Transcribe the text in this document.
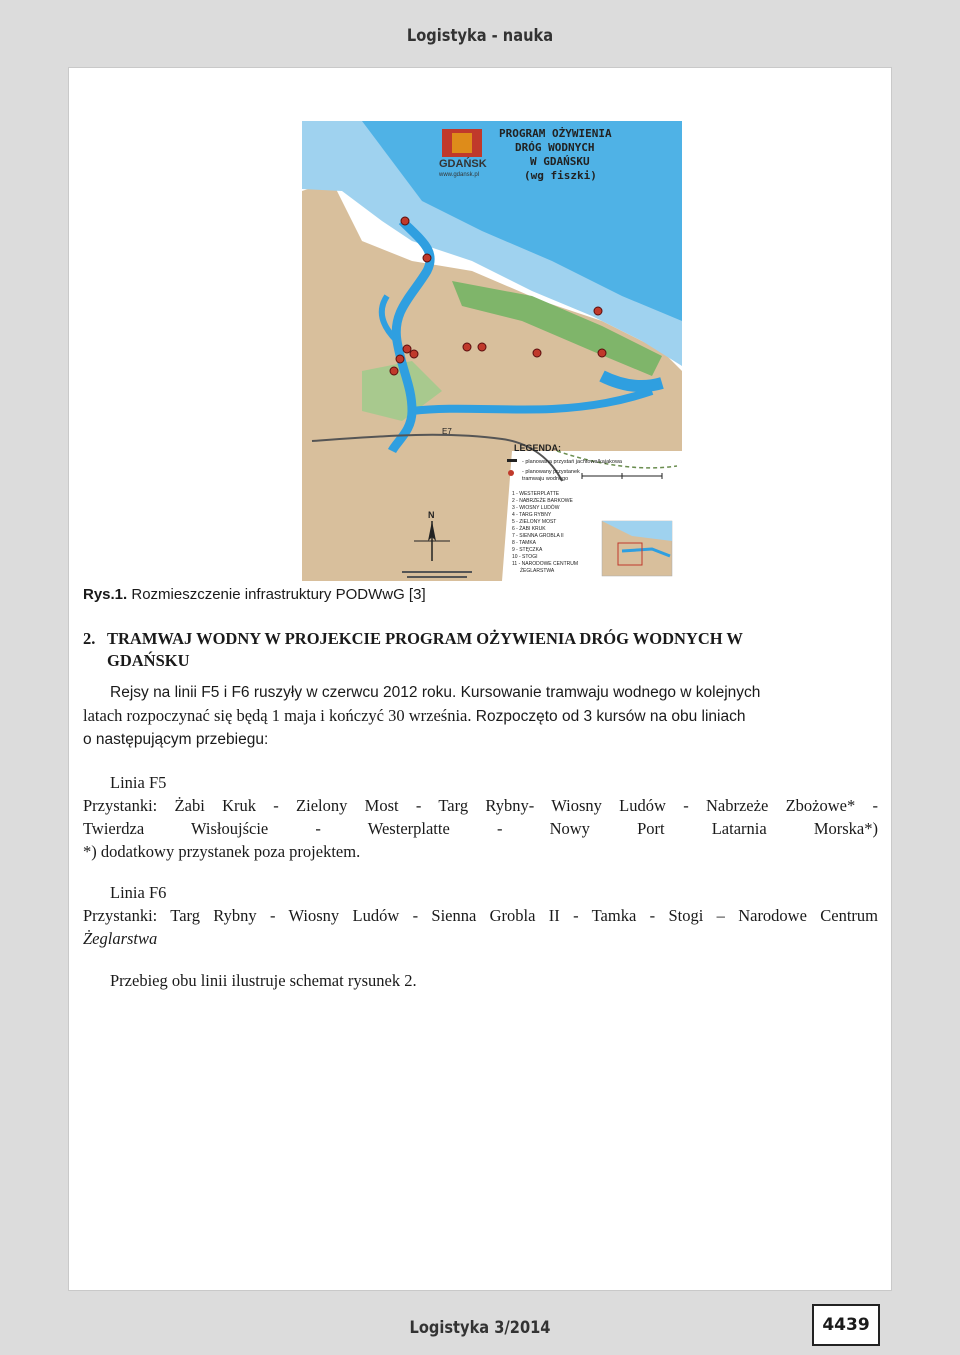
Logistyka - nauka
E7
GDAŃSK
www.gdansk.pl
PROGRAM OŻYWIENIA
DRÓG WODNYCH
W GDAŃSKU
(wg fiszki)
LEGENDA:
- planowana przystań jachtowa/kajakowa
- planowany przystanek
tramwaju wodnego
1 - WESTERPLATTE
2 - NABRZEŻE BARKOWE
3 - WIOSNY LUDÓW
4 - TARG RYBNY
5 - ZIELONY MOST
6 - ŻABI KRUK
7 - SIENNA GROBLA II
8 - TAMKA
9 - STĘCZKA
10 - STOGI
11 - NARODOWE CENTRUM
ŻEGLARSTWA
N
Rys.1. Rozmieszczenie infrastruktury PODWwG [3]
2. TRAMWAJ WODNY W PROJEKCIE PROGRAM OŻYWIENIA DRÓG WODNYCH W
GDAŃSKU
Rejsy na linii F5 i F6 ruszyły w czerwcu 2012 roku. Kursowanie tramwaju wodnego w kolejnych
latach rozpoczynać się będą 1 maja i kończyć 30 września. Rozpoczęto od 3 kursów na obu liniach
o następującym przebiegu:
Linia F5
Przystanki: Żabi Kruk - Zielony Most - Targ Rybny- Wiosny Ludów - Nabrzeże Zbożowe* -
Twierdza Wisłoujście - Westerplatte - Nowy Port Latarnia Morska*)
*) dodatkowy przystanek poza projektem.
Linia F6
Przystanki: Targ Rybny - Wiosny Ludów - Sienna Grobla II - Tamka - Stogi – Narodowe Centrum
Żeglarstwa
Przebieg obu linii ilustruje schemat rysunek 2.
Logistyka 3/2014	4439
